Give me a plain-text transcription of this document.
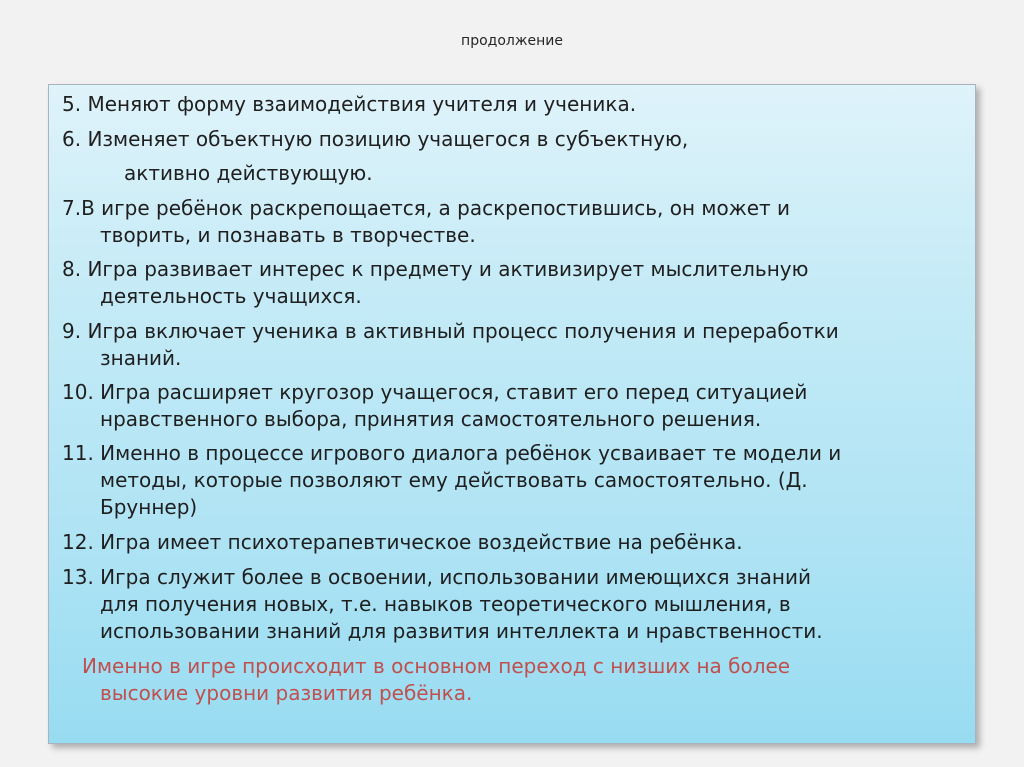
продолжение

5. Меняют форму взаимодействия учителя и ученика.

6. Изменяет объектную позицию учащегося в субъектную,

активно действующую.

7.В игре ребёнок раскрепощается, а раскрепостившись, он может и

творить, и познавать в творчестве.

8. Игра развивает интерес к предмету и активизирует мыслительную

деятельность учащихся.

9. Игра включает ученика в активный процесс получения и переработки

знаний.

10. Игра расширяет кругозор учащегося, ставит его перед ситуацией

нравственного выбора, принятия самостоятельного решения.

11. Именно в процессе игрового диалога ребёнок усваивает те модели и

методы, которые позволяют ему действовать самостоятельно. (Д.

Бруннер)

12. Игра имеет психотерапевтическое воздействие на ребёнка.

13. Игра служит более в освоении, использовании имеющихся знаний

для получения новых, т.е. навыков теоретического мышления, в

использовании знаний для развития интеллекта и нравственности.

Именно в игре происходит в основном переход с низших на более

высокие уровни развития ребёнка.
